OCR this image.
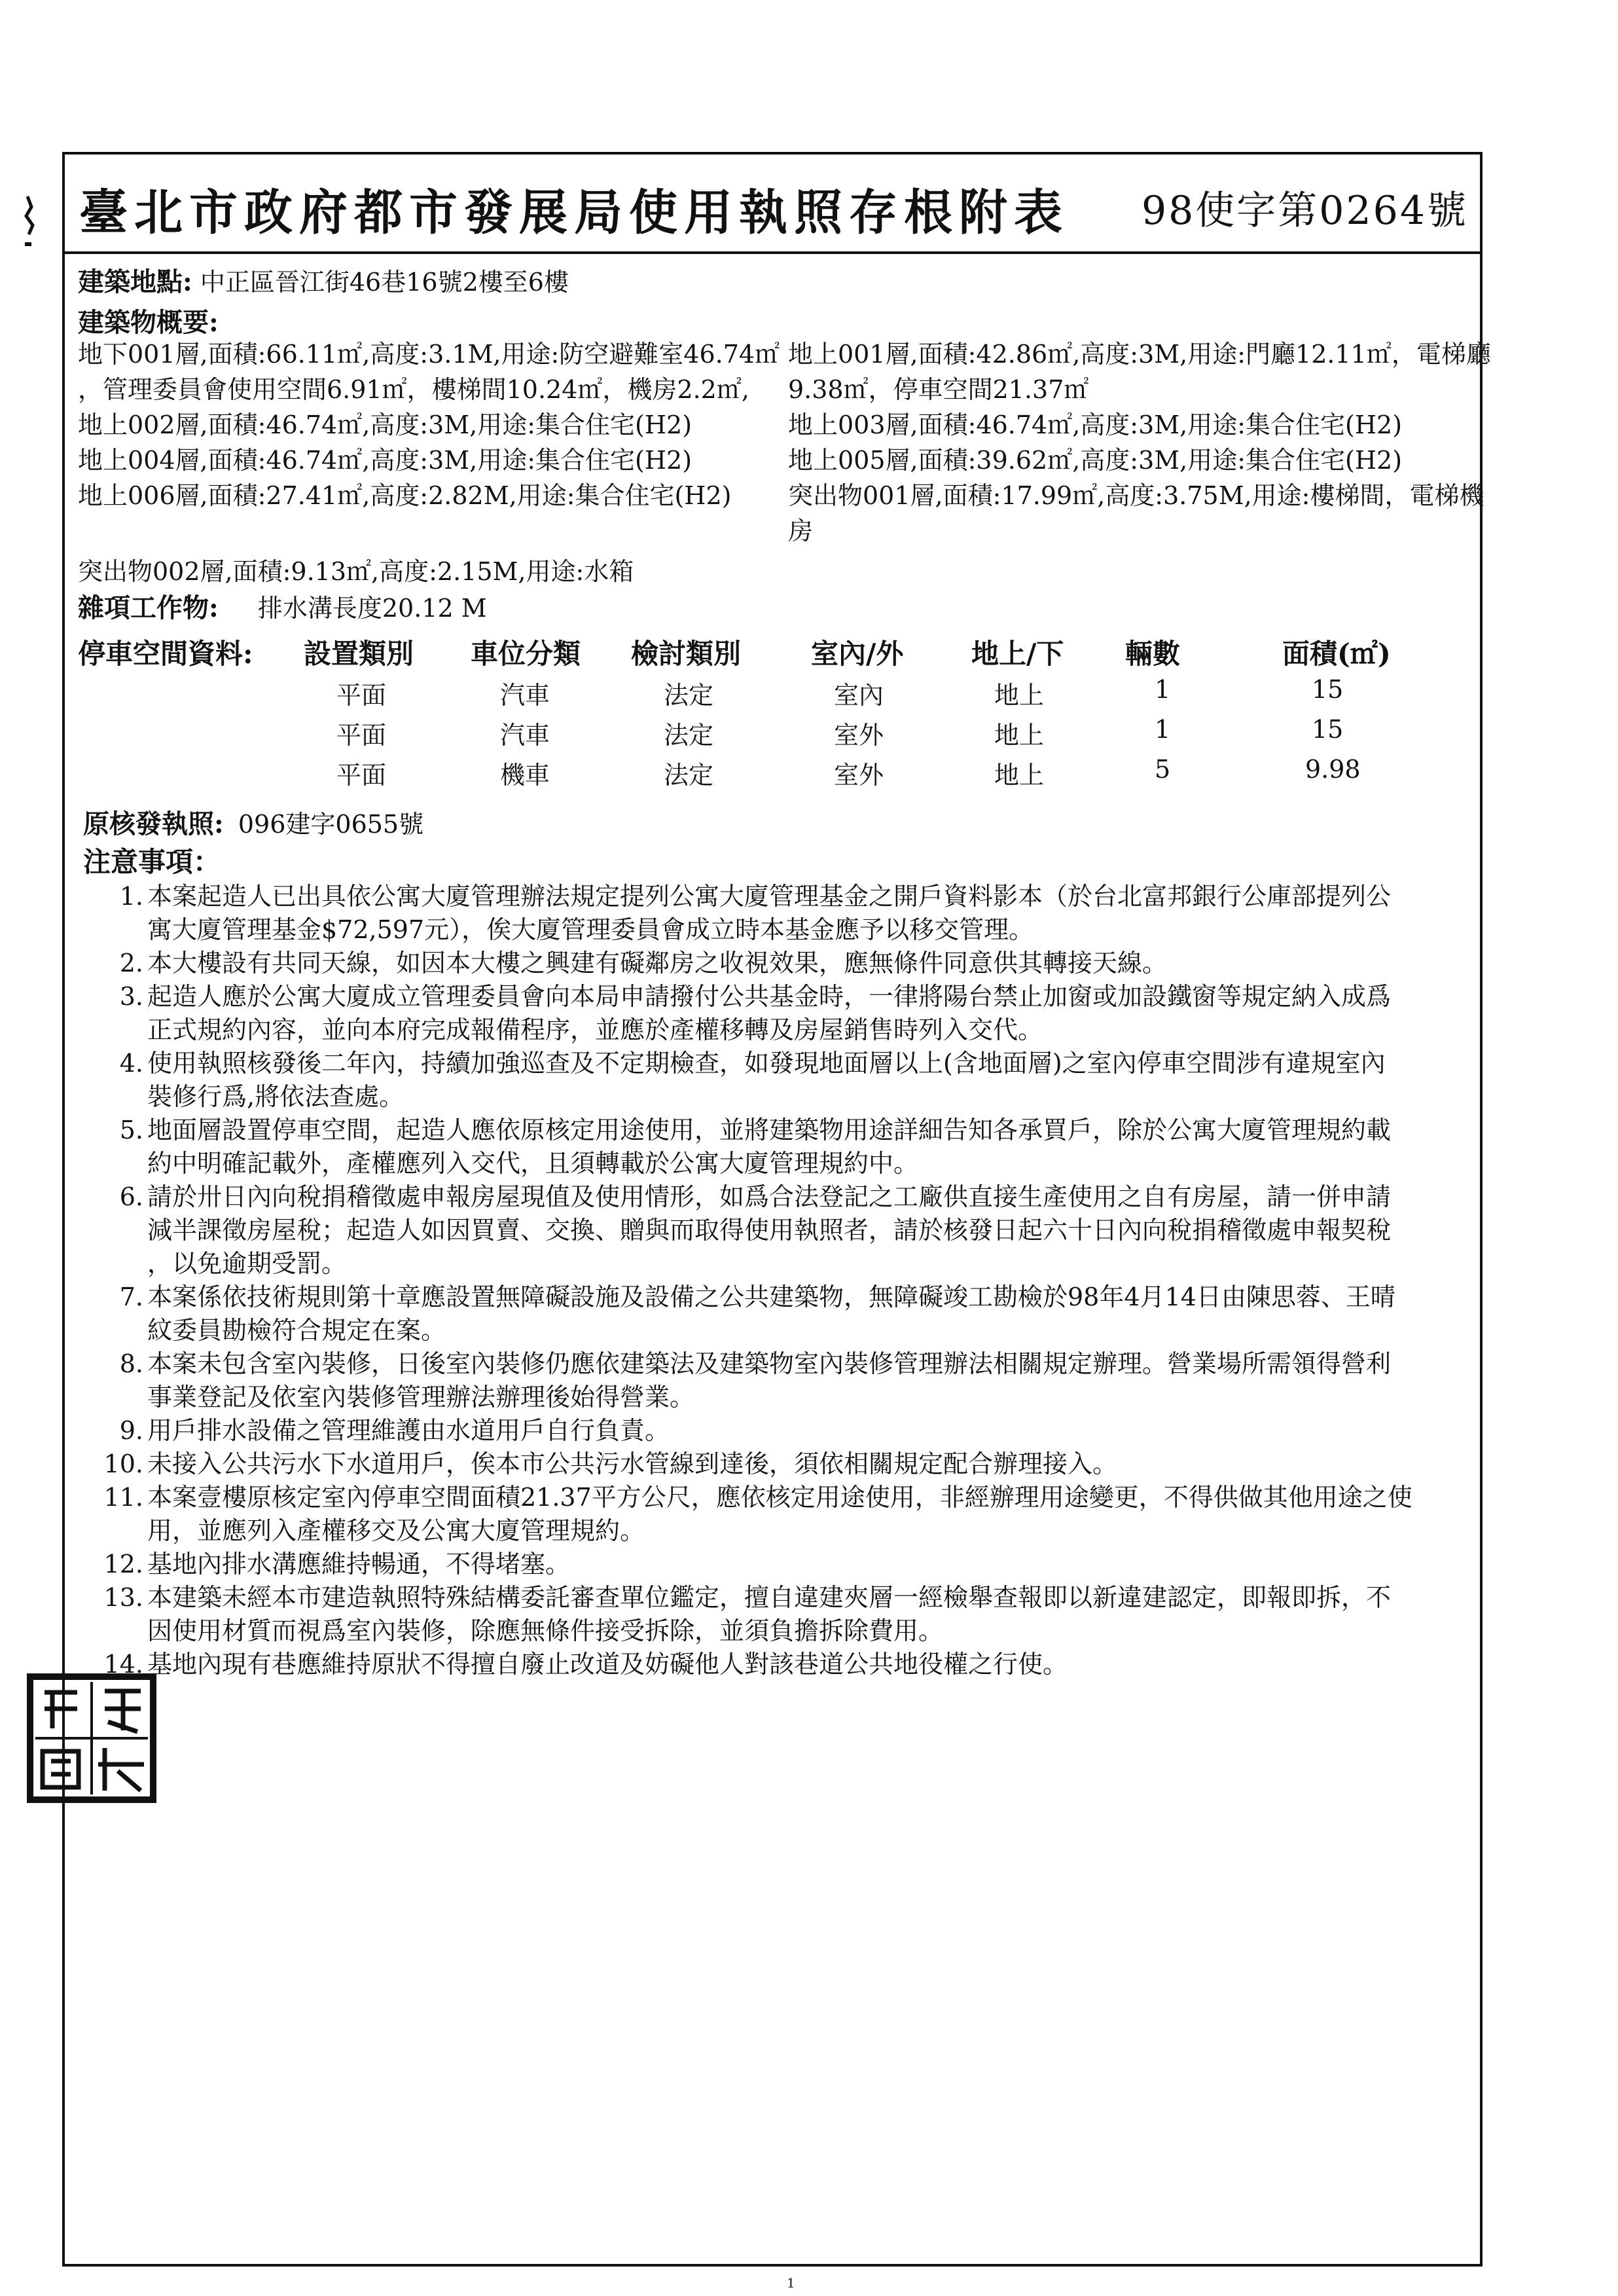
臺北市政府都市發展局使用執照存根附表 98使字第0264號
建築地點: 中正區晉江街46巷16號2樓至6樓
建築物概要:
地下001層,面積:66.11㎡,高度:3.1M,用途:防空避難室46.74㎡
，管理委員會使用空間6.91㎡，樓梯間10.24㎡，機房2.2㎡,
地上002層,面積:46.74㎡,高度:3M,用途:集合住宅(H2)
地上004層,面積:46.74㎡,高度:3M,用途:集合住宅(H2)
地上006層,面積:27.41㎡,高度:2.82M,用途:集合住宅(H2)
地上001層,面積:42.86㎡,高度:3M,用途:門廳12.11㎡，電梯廳
9.38㎡，停車空間21.37㎡
地上003層,面積:46.74㎡,高度:3M,用途:集合住宅(H2)
地上005層,面積:39.62㎡,高度:3M,用途:集合住宅(H2)
突出物001層,面積:17.99㎡,高度:3.75M,用途:樓梯間，電梯機
房
突出物002層,面積:9.13㎡,高度:2.15M,用途:水箱
雜項工作物: 排水溝長度20.12 M
停車空間資料: 設置類別 車位分類 檢討類別	室內/外 地上/下 輛數	面積(㎡)
平面	汽車	法定	室內	地上	1	15
平面	汽車	法定	室外	地上	1	15
平面	機車	法定	室外	地上	5	9.98
原核發執照: 096建字0655號
注意事項：
1. 本案起造人已出具依公寓大廈管理辦法規定提列公寓大廈管理基金之開戶資料影本（於台北富邦銀行公庫部提列公
寓大廈管理基金$72,597元），俟大廈管理委員會成立時本基金應予以移交管理。
2. 本大樓設有共同天線，如因本大樓之興建有礙鄰房之收視效果，應無條件同意供其轉接天線。
3. 起造人應於公寓大廈成立管理委員會向本局申請撥付公共基金時，一律將陽台禁止加窗或加設鐵窗等規定納入成爲
正式規約內容，並向本府完成報備程序，並應於產權移轉及房屋銷售時列入交代。
4. 使用執照核發後二年內，持續加強巡查及不定期檢查，如發現地面層以上(含地面層)之室內停車空間涉有違規室內
裝修行爲,將依法查處。
5. 地面層設置停車空間，起造人應依原核定用途使用，並將建築物用途詳細告知各承買戶，除於公寓大廈管理規約載
約中明確記載外，產權應列入交代，且須轉載於公寓大廈管理規約中。
6. 請於卅日內向稅捐稽徵處申報房屋現值及使用情形，如爲合法登記之工廠供直接生產使用之自有房屋，請一併申請
減半課徵房屋稅；起造人如因買賣、交換、贈與而取得使用執照者，請於核發日起六十日內向稅捐稽徵處申報契稅
，以免逾期受罰。
7. 本案係依技術規則第十章應設置無障礙設施及設備之公共建築物，無障礙竣工勘檢於98年4月14日由陳思蓉、王晴
紋委員勘檢符合規定在案。
8. 本案未包含室內裝修，日後室內裝修仍應依建築法及建築物室內裝修管理辦法相關規定辦理。營業場所需領得營利
事業登記及依室內裝修管理辦法辦理後始得營業。
9. 用戶排水設備之管理維護由水道用戶自行負責。
10. 未接入公共污水下水道用戶，俟本市公共污水管線到達後，須依相關規定配合辦理接入。
11. 本案壹樓原核定室內停車空間面積21.37平方公尺，應依核定用途使用，非經辦理用途變更，不得供做其他用途之使
用，並應列入產權移交及公寓大廈管理規約。
12. 基地內排水溝應維持暢通，不得堵塞。
13. 本建築未經本市建造執照特殊結構委託審查單位鑑定，擅自違建夾層一經檢舉查報即以新違建認定，即報即拆，不
因使用材質而視爲室內裝修，除應無條件接受拆除，並須負擔拆除費用。
14. 基地內現有巷應維持原狀不得擅自廢止改道及妨礙他人對該巷道公共地役權之行使。
1
